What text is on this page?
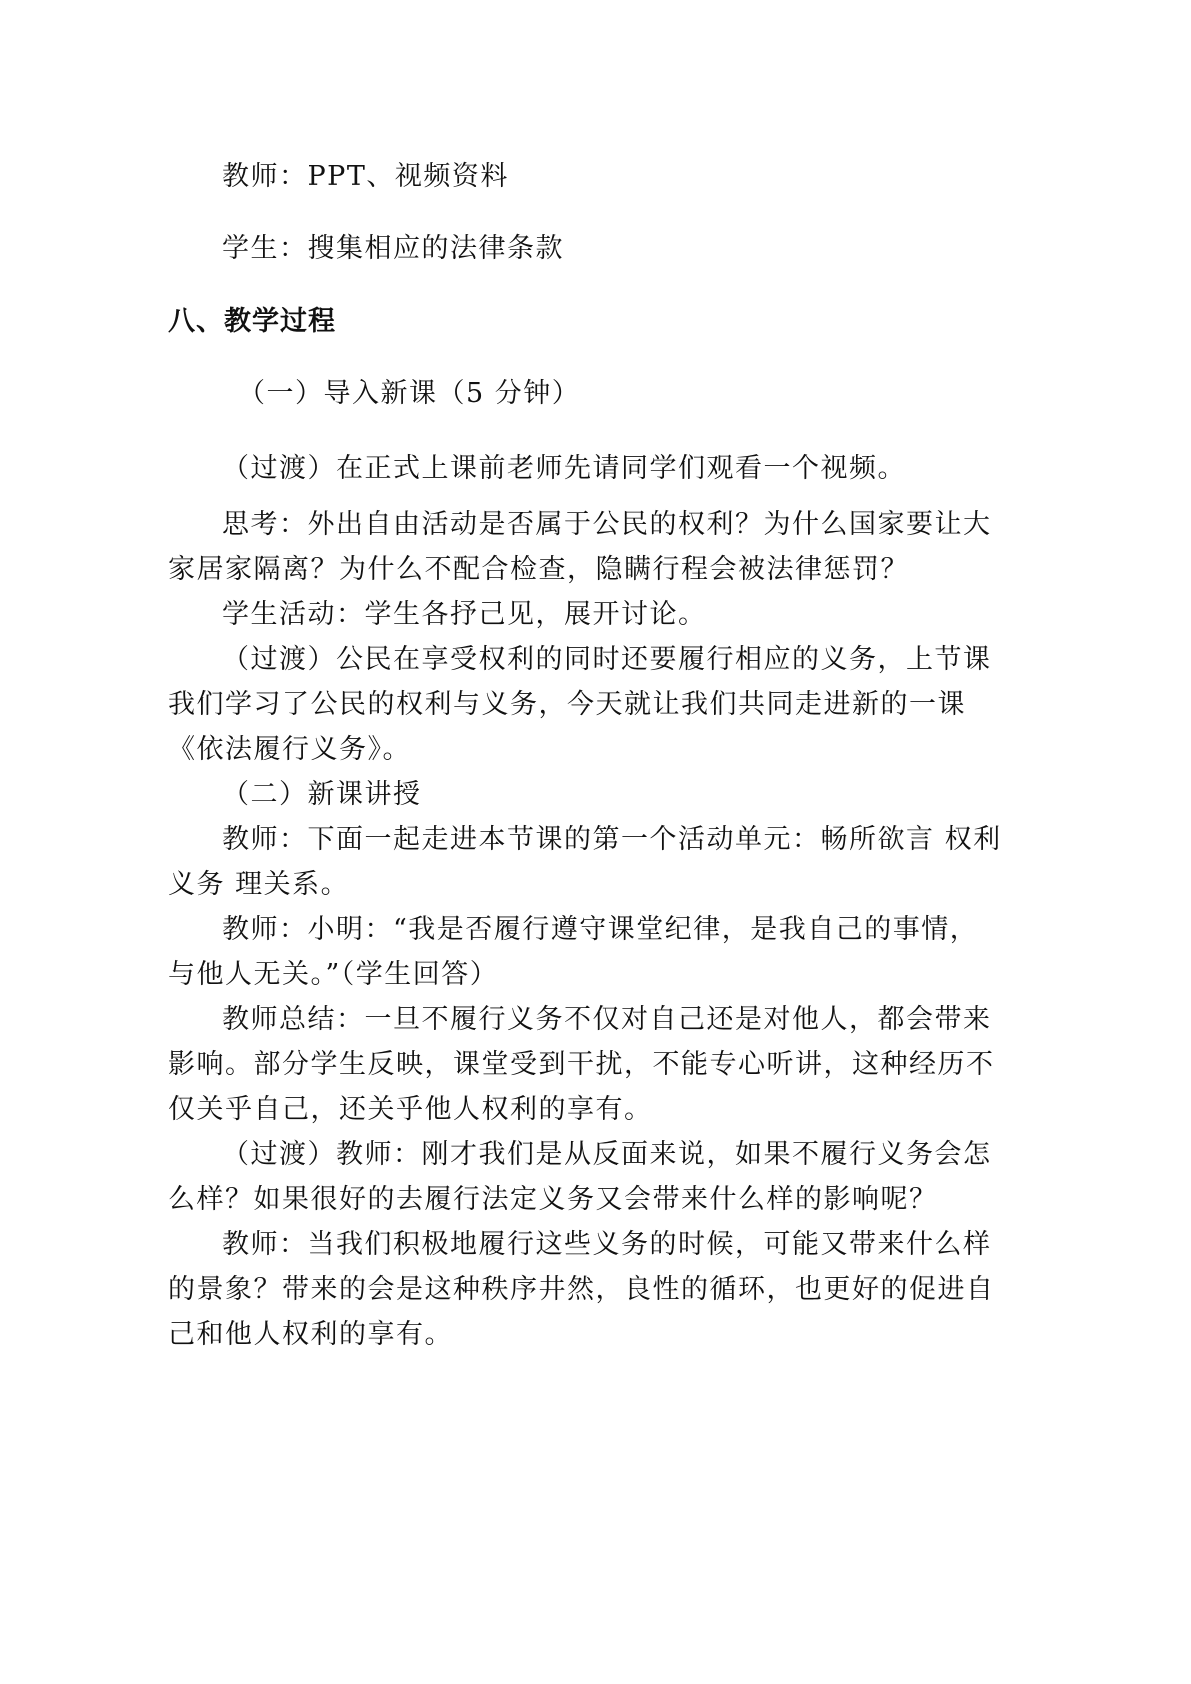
教师：PPT、视频资料
学生：搜集相应的法律条款
八、教学过程
（一）导入新课（5 分钟）
（过渡）在正式上课前老师先请同学们观看一个视频。
思考：外出自由活动是否属于公民的权利？为什么国家要让大
家居家隔离？为什么不配合检查，隐瞒行程会被法律惩罚？
学生活动：学生各抒己见，展开讨论。
（过渡）公民在享受权利的同时还要履行相应的义务，上节课
我们学习了公民的权利与义务，今天就让我们共同走进新的一课
《依法履行义务》。
（二）新课讲授
教师：下面一起走进本节课的第一个活动单元：畅所欲言 权利
义务 理关系。
教师：小明：“我是否履行遵守课堂纪律，是我自己的事情，
与他人无关。”（学生回答）
教师总结：一旦不履行义务不仅对自己还是对他人，都会带来
影响。部分学生反映，课堂受到干扰，不能专心听讲，这种经历不
仅关乎自己，还关乎他人权利的享有。
（过渡）教师：刚才我们是从反面来说，如果不履行义务会怎
么样？如果很好的去履行法定义务又会带来什么样的影响呢？
教师：当我们积极地履行这些义务的时候，可能又带来什么样
的景象？带来的会是这种秩序井然，良性的循环，也更好的促进自
己和他人权利的享有。
